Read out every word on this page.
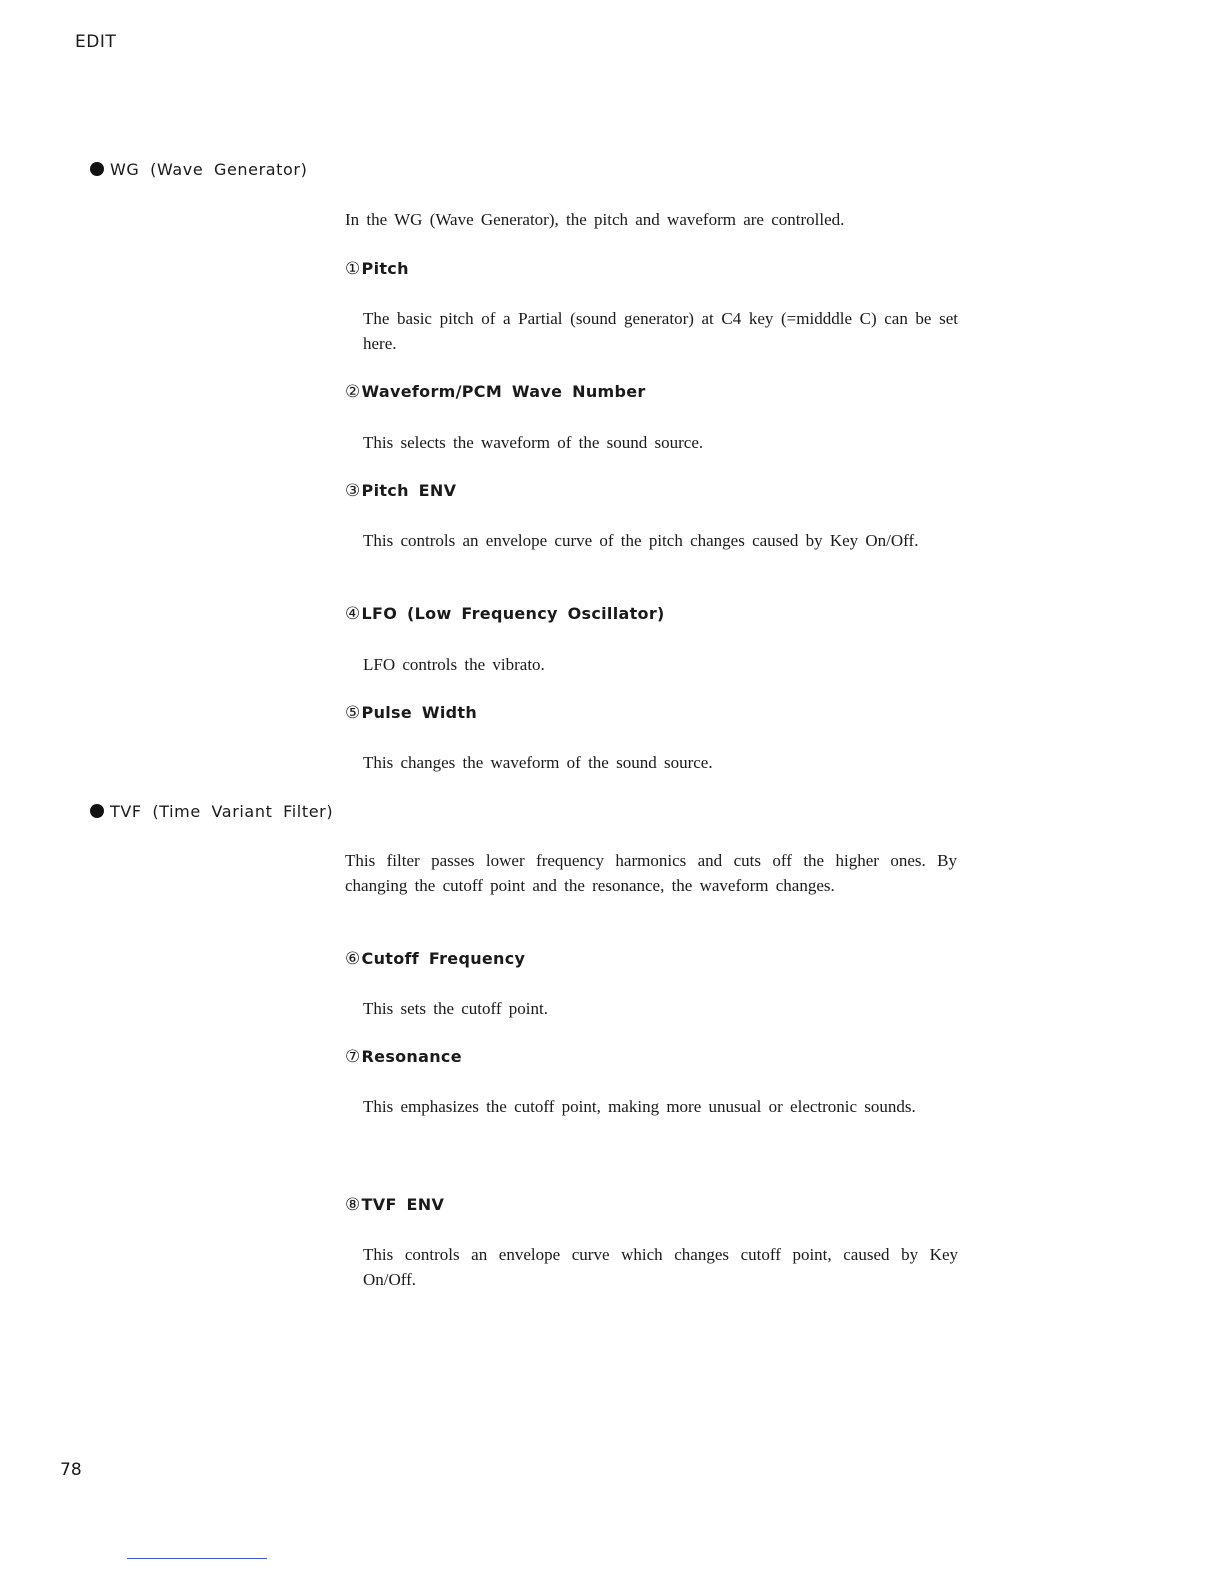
EDIT
WG (Wave Generator)
In the WG (Wave Generator), the pitch and waveform are controlled.
①Pitch
The basic pitch of a Partial (sound generator) at C4 key (=midddle C) can be set here.
②Waveform/PCM Wave Number
This selects the waveform of the sound source.
③Pitch ENV
This controls an envelope curve of the pitch changes caused by Key On/Off.
④LFO (Low Frequency Oscillator)
LFO controls the vibrato.
⑤Pulse Width
This changes the waveform of the sound source.
TVF (Time Variant Filter)
This filter passes lower frequency harmonics and cuts off the higher ones. By changing the cutoff point and the resonance, the waveform changes.
⑥Cutoff Frequency
This sets the cutoff point.
⑦Resonance
This emphasizes the cutoff point, making more unusual or electronic sounds.
⑧TVF ENV
This controls an envelope curve which changes cutoff point, caused by Key On/Off.
78
